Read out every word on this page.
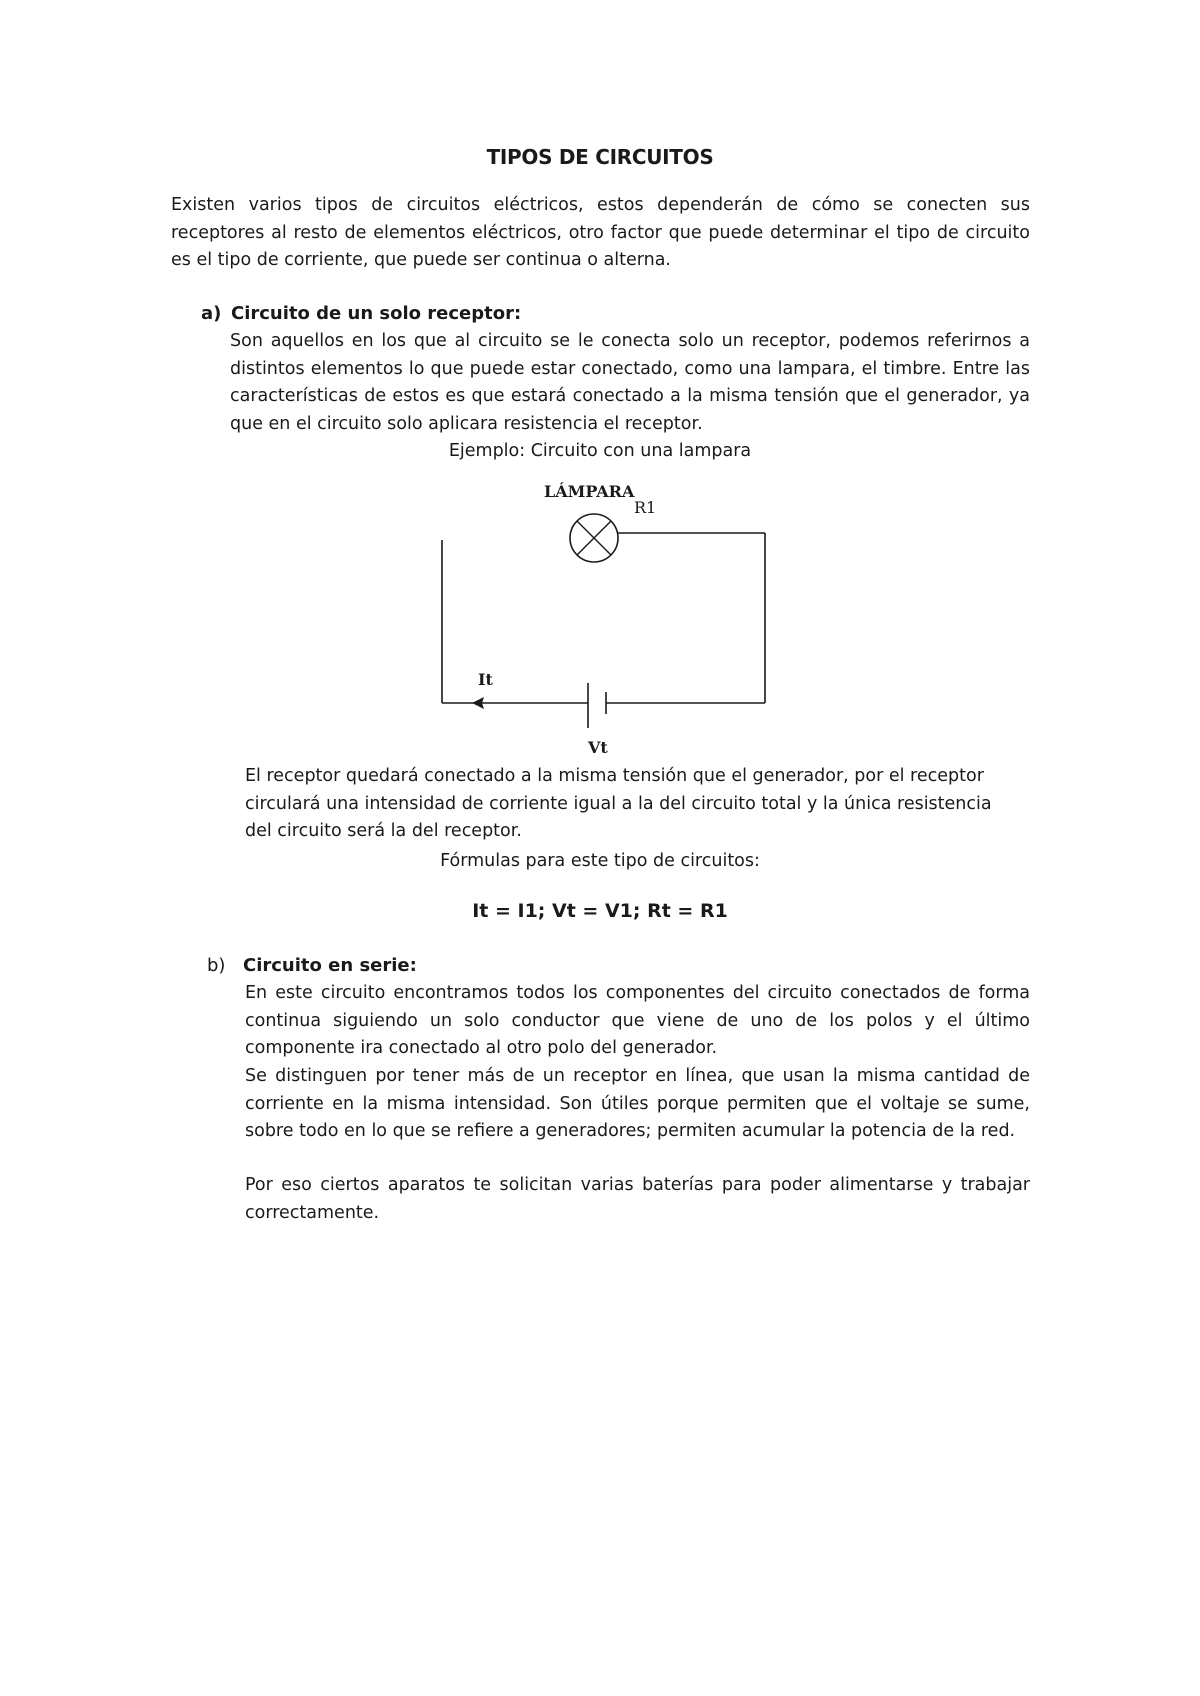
TIPOS DE CIRCUITOS

Existen varios tipos de circuitos eléctricos, estos dependerán de cómo se conecten sus receptores al resto de elementos eléctricos, otro factor que puede determinar el tipo de circuito es el tipo de corriente, que puede ser continua o alterna.

a) Circuito de un solo receptor:

Son aquellos en los que al circuito se le conecta solo un receptor, podemos referirnos a distintos elementos lo que puede estar conectado, como una lampara, el timbre. Entre las características de estos es que estará conectado a la misma tensión que el generador, ya que en el circuito solo aplicara resistencia el receptor.

Ejemplo: Circuito con una lampara
LÁMPARA
R1
It
Vt

El receptor quedará conectado a la misma tensión que el generador, por el receptor circulará una intensidad de corriente igual a la del circuito total y la única resistencia del circuito será la del receptor.

Fórmulas para este tipo de circuitos:
It = I1; Vt = V1; Rt = R1
b) Circuito en serie:

En este circuito encontramos todos los componentes del circuito conectados de forma continua siguiendo un solo conductor que viene de uno de los polos y el último componente ira conectado al otro polo del generador.

Se distinguen por tener más de un receptor en línea, que usan la misma cantidad de corriente en la misma intensidad. Son útiles porque permiten que el voltaje se sume, sobre todo en lo que se refiere a generadores; permiten acumular la potencia de la red.

Por eso ciertos aparatos te solicitan varias baterías para poder alimentarse y trabajar correctamente.
